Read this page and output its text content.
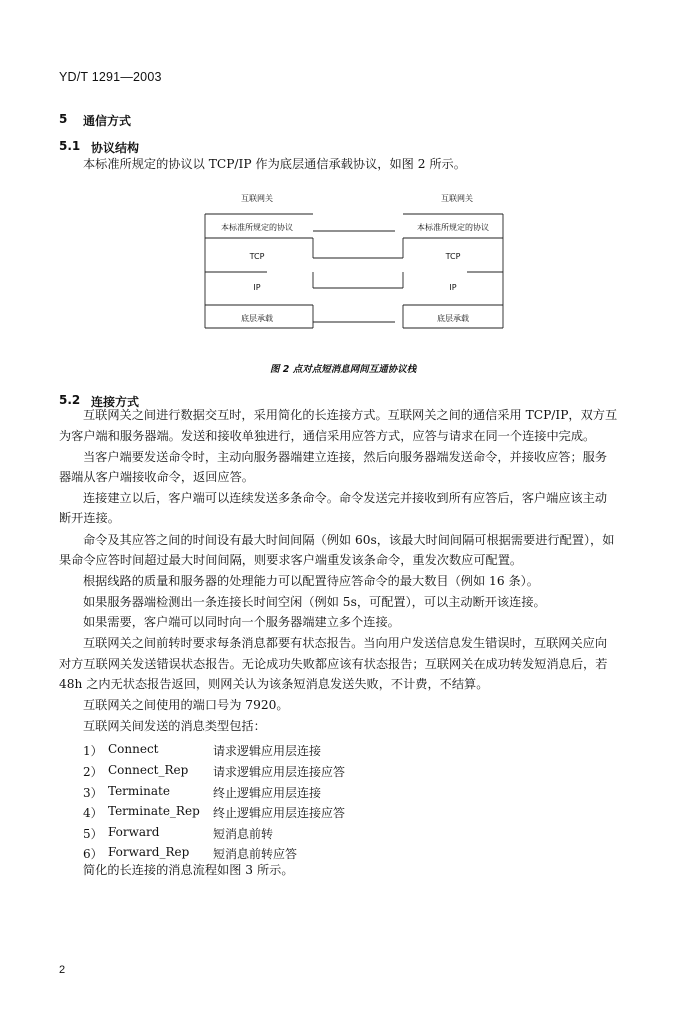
YD/T 1291—2003
5 通信方式
5.1 协议结构
本标准所规定的协议以 TCP/IP 作为底层通信承载协议，如图 2 所示。
互联网关	互联网关
本标准所规定的协议
TCP
IP
底层承载
本标准所规定的协议
TCP
IP
底层承载
图 2 点对点短消息网间互通协议栈
5.2 连接方式
互联网关之间进行数据交互时，采用简化的长连接方式。互联网关之间的通信采用 TCP/IP，双方互
为客户端和服务器端。发送和接收单独进行，通信采用应答方式，应答与请求在同一个连接中完成。
当客户端要发送命令时，主动向服务器端建立连接，然后向服务器端发送命令，并接收应答；服务
器端从客户端接收命令，返回应答。
连接建立以后，客户端可以连续发送多条命令。命令发送完并接收到所有应答后，客户端应该主动
断开连接。
命令及其应答之间的时间设有最大时间间隔（例如 60s，该最大时间间隔可根据需要进行配置），如
果命令应答时间超过最大时间间隔，则要求客户端重发该条命令，重发次数应可配置。
根据线路的质量和服务器的处理能力可以配置待应答命令的最大数目（例如 16 条）。
如果服务器端检测出一条连接长时间空闲（例如 5s，可配置），可以主动断开该连接。
如果需要，客户端可以同时向一个服务器端建立多个连接。
互联网关之间前转时要求每条消息都要有状态报告。当向用户发送信息发生错误时，互联网关应向
对方互联网关发送错误状态报告。无论成功失败都应该有状态报告；互联网关在成功转发短消息后，若
48h 之内无状态报告返回，则网关认为该条短消息发送失败，不计费，不结算。
互联网关之间使用的端口号为 7920。
互联网关间发送的消息类型包括：
1） Connect	请求逻辑应用层连接
2） Connect_Rep 请求逻辑应用层连接应答
3） Terminate	终止逻辑应用层连接
4） Terminate_Rep 终止逻辑应用层连接应答
5） Forward	短消息前转
6） Forward_Rep 短消息前转应答
简化的长连接的消息流程如图 3 所示。
2
